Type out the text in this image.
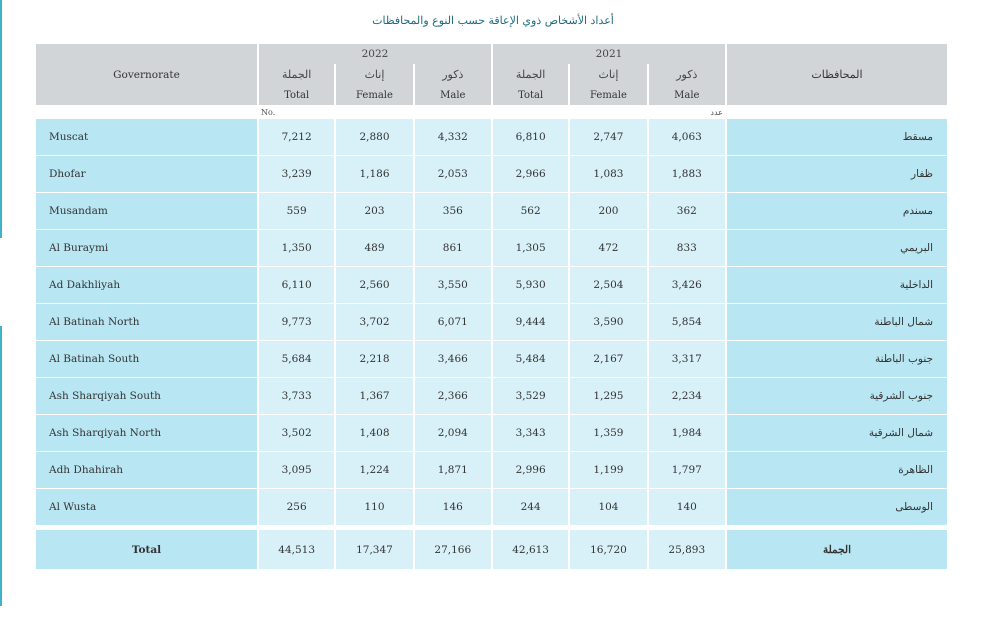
أعداد الأشخاص ذوي الإعاقة حسب النوع والمحافظات
Governorate	2022			2021			المحافظات
	الجملة	إناث	ذكور	الجملة	إناث	ذكور	
	Total	Female	Male	Total	Female	Male	
	No.					عدد	
Muscat	7,212	2,880	4,332	6,810	2,747	4,063	مسقط
Dhofar	3,239	1,186	2,053	2,966	1,083	1,883	ظفار
Musandam	559	203	356	562	200	362	مسندم
Al Buraymi	1,350	489	861	1,305	472	833	البريمي
Ad Dakhliyah	6,110	2,560	3,550	5,930	2,504	3,426	الداخلية
Al Batinah North	9,773	3,702	6,071	9,444	3,590	5,854	شمال الباطنة
Al Batinah South	5,684	2,218	3,466	5,484	2,167	3,317	جنوب الباطنة
Ash Sharqiyah South	3,733	1,367	2,366	3,529	1,295	2,234	جنوب الشرقية
Ash Sharqiyah North	3,502	1,408	2,094	3,343	1,359	1,984	شمال الشرقية
Adh Dhahirah	3,095	1,224	1,871	2,996	1,199	1,797	الظاهرة
Al Wusta	256	110	146	244	104	140	الوسطى

Total	44,513	17,347	27,166	42,613	16,720	25,893	الجملة
